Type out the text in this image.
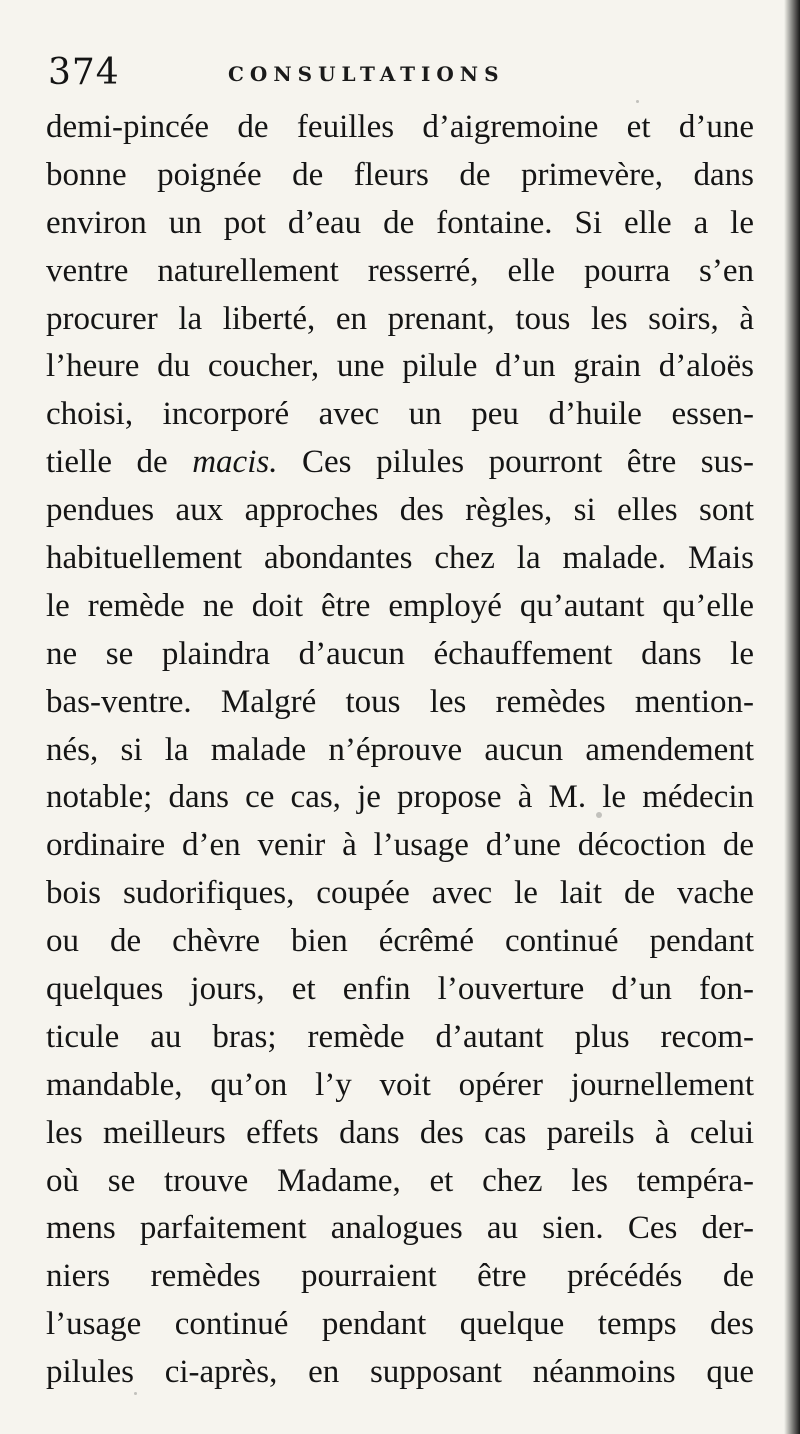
374	CONSULTATIONS
demi-pincée de feuilles d’aigremoine et d’une
bonne poignée de fleurs de primevère, dans
environ un pot d’eau de fontaine. Si elle a le
ventre naturellement resserré, elle pourra s’en
procurer la liberté, en prenant, tous les soirs, à
l’heure du coucher, une pilule d’un grain d’aloës
choisi, incorporé avec un peu d’huile essen-
tielle de macis. Ces pilules pourront être sus-
pendues aux approches des règles, si elles sont
habituellement abondantes chez la malade. Mais
le remède ne doit être employé qu’autant qu’elle
ne se plaindra d’aucun échauffement dans le
bas-ventre. Malgré tous les remèdes mention-
nés, si la malade n’éprouve aucun amendement
notable; dans ce cas, je propose à M. le médecin
ordinaire d’en venir à l’usage d’une décoction de
bois sudorifiques, coupée avec le lait de vache
ou de chèvre bien écrêmé continué pendant
quelques jours, et enfin l’ouverture d’un fon-
ticule au bras; remède d’autant plus recom-
mandable, qu’on l’y voit opérer journellement
les meilleurs effets dans des cas pareils à celui
où se trouve Madame, et chez les tempéra-
mens parfaitement analogues au sien. Ces der-
niers remèdes pourraient être précédés de
l’usage continué pendant quelque temps des
pilules ci-après, en supposant néanmoins que
